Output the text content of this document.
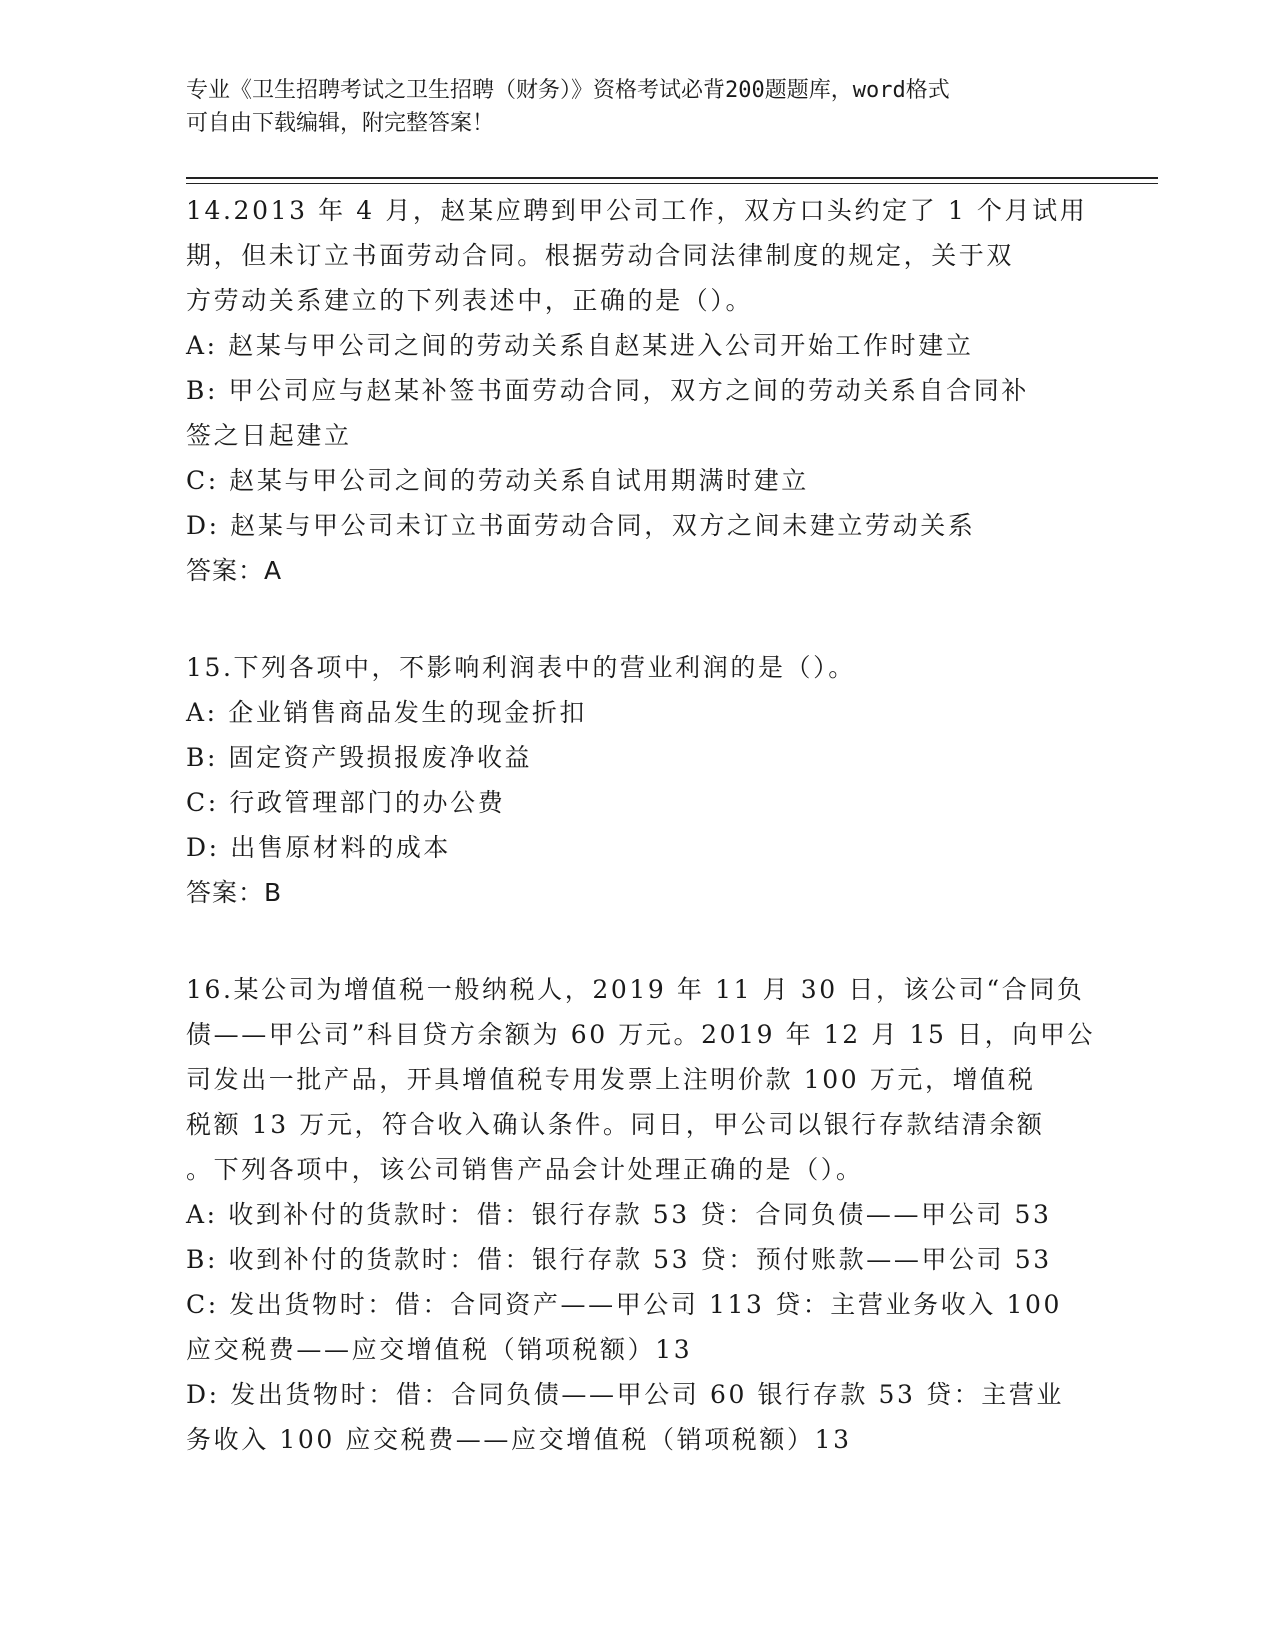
专业《卫生招聘考试之卫生招聘（财务）》资格考试必背200题题库，word格式
可自由下载编辑，附完整答案！
14.2013 年 4 月，赵某应聘到甲公司工作，双方口头约定了 1 个月试用
期，但未订立书面劳动合同。根据劳动合同法律制度的规定，关于双
方劳动关系建立的下列表述中，正确的是（）。
A: 赵某与甲公司之间的劳动关系自赵某进入公司开始工作时建立
B: 甲公司应与赵某补签书面劳动合同，双方之间的劳动关系自合同补
签之日起建立
C: 赵某与甲公司之间的劳动关系自试用期满时建立
D: 赵某与甲公司未订立书面劳动合同，双方之间未建立劳动关系
答案：A
15.下列各项中，不影响利润表中的营业利润的是（）。
A: 企业销售商品发生的现金折扣
B: 固定资产毁损报废净收益
C: 行政管理部门的办公费
D: 出售原材料的成本
答案：B
16.某公司为增值税一般纳税人，2019 年 11 月 30 日，该公司“合同负
债——甲公司”科目贷方余额为 60 万元。2019 年 12 月 15 日，向甲公
司发出一批产品，开具增值税专用发票上注明价款 100 万元，增值税
税额 13 万元，符合收入确认条件。同日，甲公司以银行存款结清余额
。下列各项中，该公司销售产品会计处理正确的是（）。
A: 收到补付的货款时：借：银行存款 53 贷：合同负债——甲公司 53
B: 收到补付的货款时：借：银行存款 53 贷：预付账款——甲公司 53
C: 发出货物时：借：合同资产——甲公司 113 贷：主营业务收入 100
应交税费——应交增值税（销项税额）13
D: 发出货物时：借：合同负债——甲公司 60 银行存款 53 贷：主营业
务收入 100 应交税费——应交增值税（销项税额）13
